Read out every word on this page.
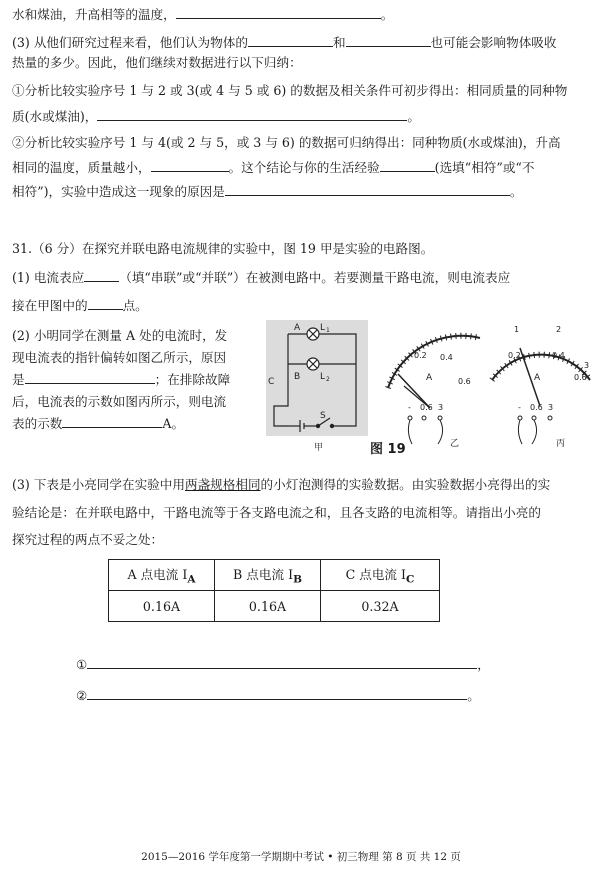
水和煤油，升高相等的温度，	。
(3) 从他们研究过程来看，他们认为物体的	和	也可能会影响物体吸收
热量的多少。因此，他们继续对数据进行以下归纳：
①分析比较实验序号 1 与 2 或 3(或 4 与 5 或 6) 的数据及相关条件可初步得出：相同质量的同种物
质(水或煤油)，	。
②分析比较实验序号 1 与 4(或 2 与 5，或 3 与 6) 的数据可归纳得出：同种物质(水或煤油)，升高
相同的温度，质量越小，	。这个结论与你的生活经验	(选填“相符”或“不
相符”)，实验中造成这一现象的原因是	。
31.（6 分）在探究并联电路电流规律的实验中，图 19 甲是实验的电路图。
(1) 电流表应	（填“串联”或“并联”）在被测电路中。若要测量干路电流，则电流表应
接在甲图中的	点。
(2) 小明同学在测量 A 处的电流时，发
现电流表的指针偏转如图乙所示，原因
是	；在排除故障
后，电流表的示数如图丙所示，则电流
表的示数	A。
A
B
C
S
L 1
L 2
甲
0.2 0.4
0.6
A
- 0.6 3
乙
1	2
3
0.2	0.4
0.6
A
- 0.6 3
丙
图 19
(3) 下表是小亮同学在实验中用两盏规格相同的小灯泡测得的实验数据。由实验数据小亮得出的实
验结论是：在并联电路中，干路电流等于各支路电流之和，且各支路的电流相等。请指出小亮的
探究过程的两点不妥之处：
A 点电流 $I_A$	B 点电流 $I_B$	C 点电流 $I_C$
0.16A	0.16A	0.32A
①	，
②	。
2015—2016 学年度第一学期期中考试 • 初三物理 第 8 页 共 12 页
